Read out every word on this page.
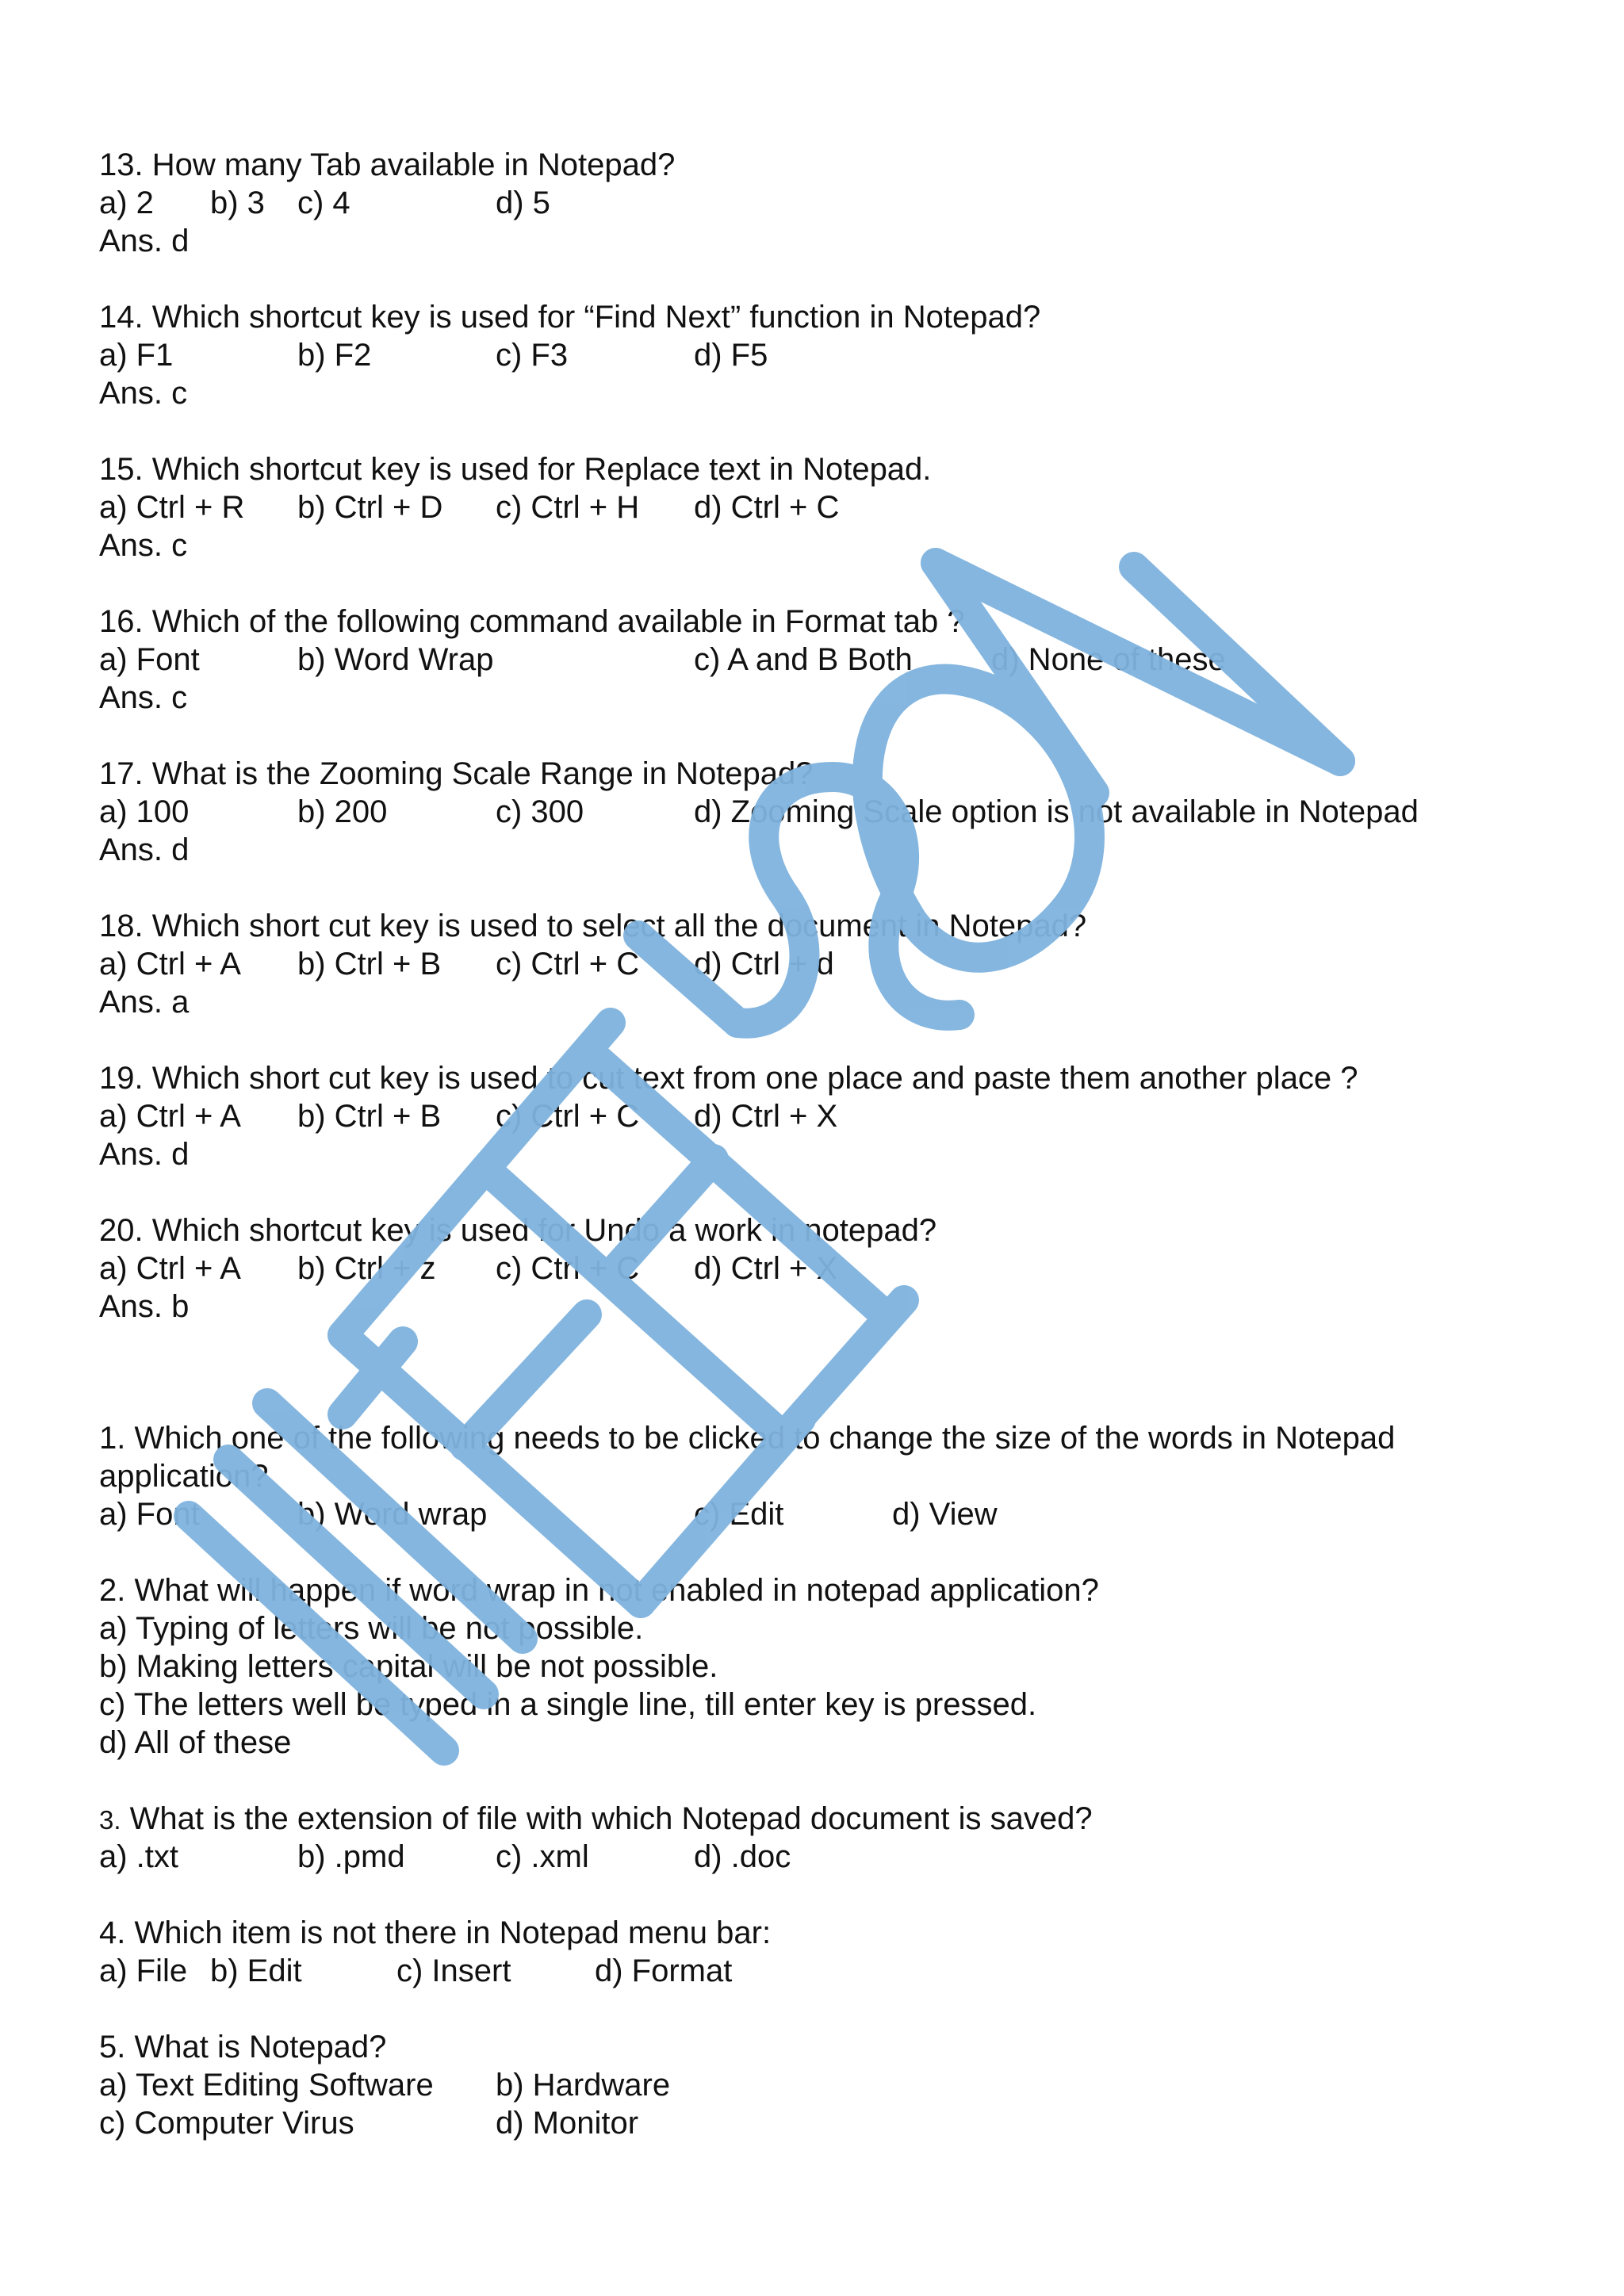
13. How many Tab available in Notepad?
a) 2 b) 3 c) 4	d) 5
Ans. d
14. Which shortcut key is used for “Find Next” function in Notepad?
a) F1	b) F2	c) F3	d) F5
Ans. c
15. Which shortcut key is used for Replace text in Notepad.
a) Ctrl + R b) Ctrl + D c) Ctrl + H d) Ctrl + C
Ans. c
16. Which of the following command available in Format tab ?
a) Font	b) Word Wrap	c) A and B Both d) None of these
Ans. c
17. What is the Zooming Scale Range in Notepad?
a) 100	b) 200	c) 300	d) Zooming Scale option is not available in Notepad
Ans. d
18. Which short cut key is used to select all the document in Notepad?
a) Ctrl + A b) Ctrl + B c) Ctrl + C d) Ctrl + d
Ans. a
19. Which short cut key is used to cut text from one place and paste them another place ?
a) Ctrl + A b) Ctrl + B c) Ctrl + C d) Ctrl + X
Ans. d
20. Which shortcut key is used for Undo a work in notepad?
a) Ctrl + A b) Ctrl + z c) Ctrl + C d) Ctrl + X
Ans. b
1. Which one of the following needs to be clicked to change the size of the words in Notepad application?
a) Font	b) Word wrap	c) Edit	d) View
2. What will happen if word wrap in not enabled in notepad application?
a) Typing of letters will be not possible.
b) Making letters capital will be not possible.
c) The letters well be typed in a single line, till enter key is pressed.
d) All of these
3. What is the extension of file with which Notepad document is saved?
a) .txt	b) .pmd	c) .xml	d) .doc
4. Which item is not there in Notepad menu bar:
a) File b) Edit	c) Insert	d) Format
5. What is Notepad?
a) Text Editing Software b) Hardware
c) Computer Virus	d) Monitor
